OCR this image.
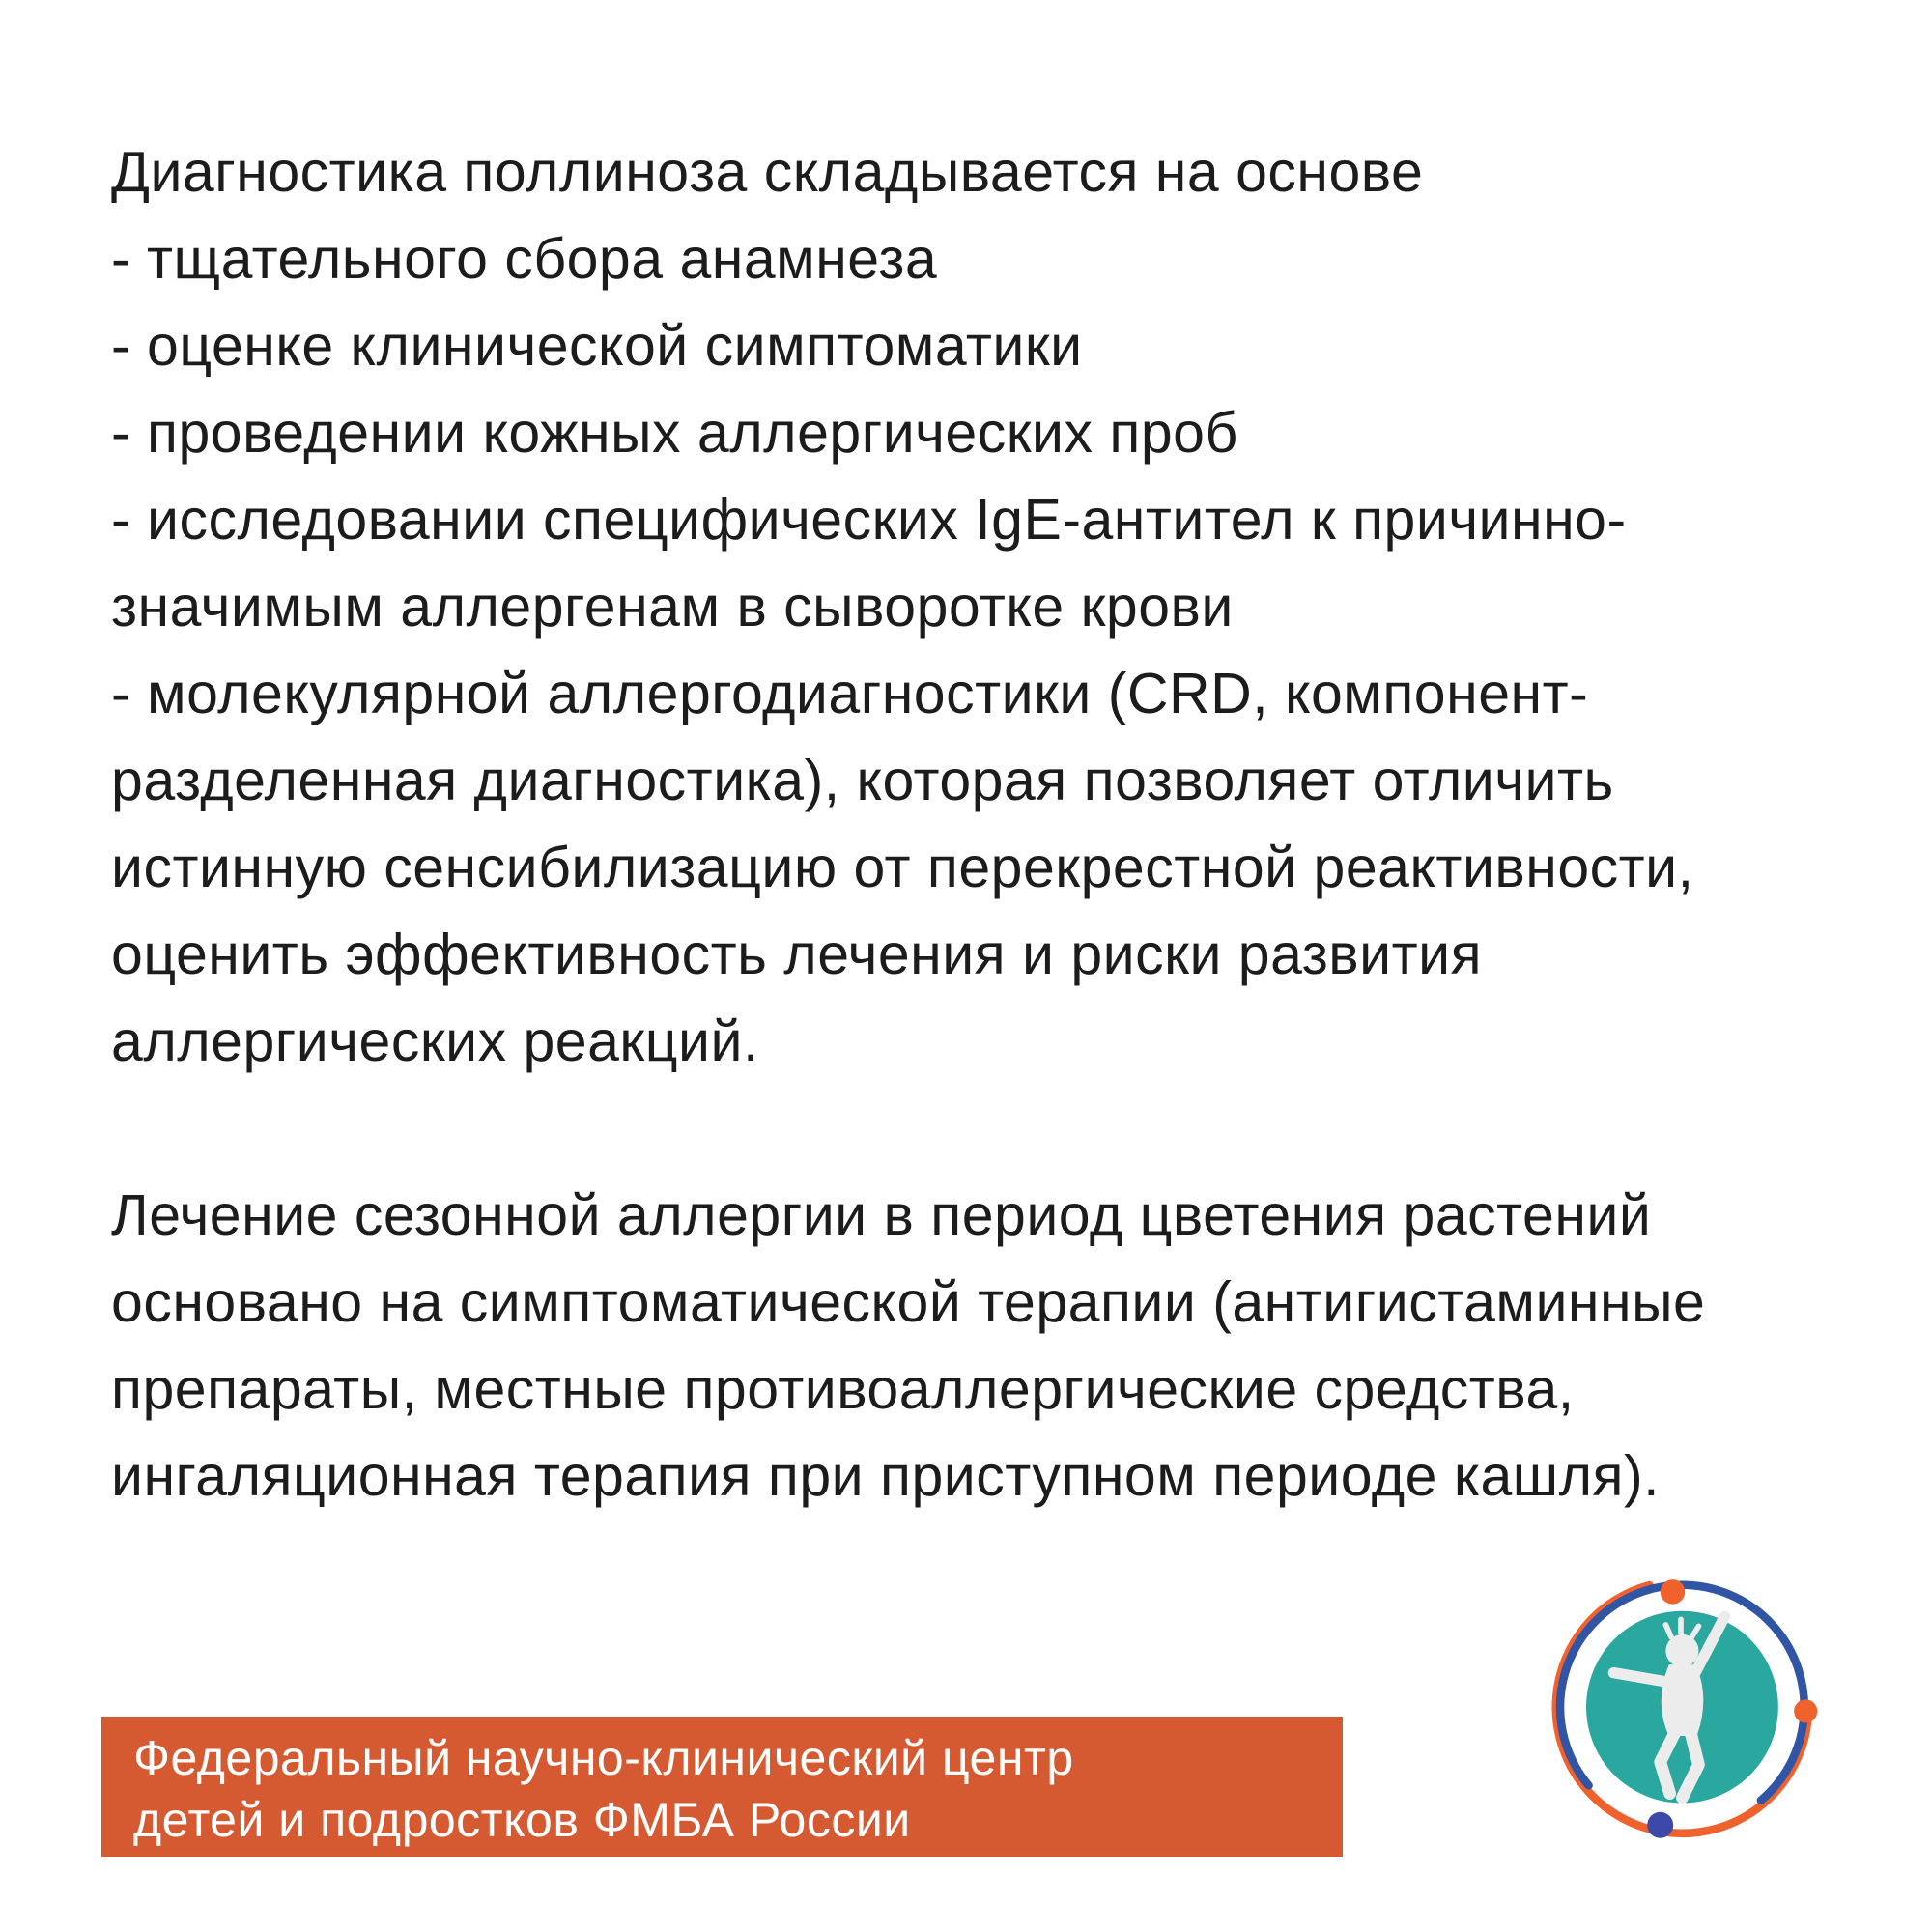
Диагностика поллиноза складывается на основе
- тщательного сбора анамнеза
- оценке клинической симптоматики
- проведении кожных аллергических проб
- исследовании специфических IgE-антител к причинно-
значимым аллергенам в сыворотке крови
- молекулярной аллергодиагностики (CRD, компонент-
разделенная диагностика), которая позволяет отличить
истинную сенсибилизацию от перекрестной реактивности,
оценить эффективность лечения и риски развития
аллергических реакций.
Лечение сезонной аллергии в период цветения растений
основано на симптоматической терапии (антигистаминные
препараты, местные противоаллергические средства,
ингаляционная терапия при приступном периоде кашля).
Федеральный научно-клинический центр
детей и подростков ФМБА России
